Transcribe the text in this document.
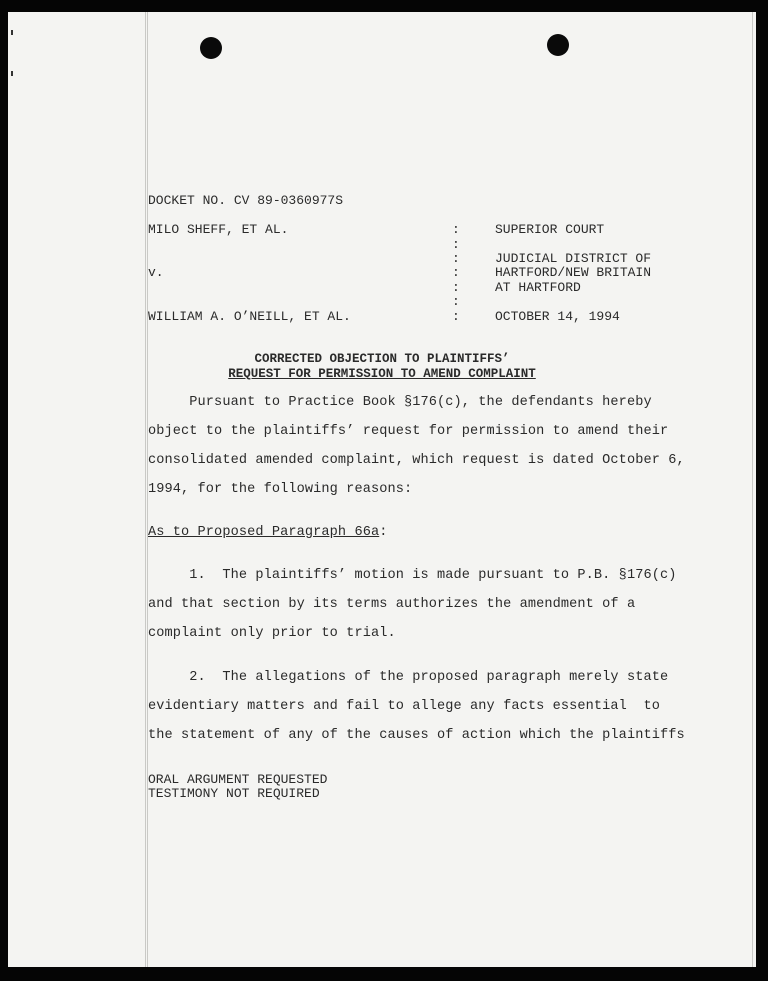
DOCKET NO. CV 89-0360977S
MILO SHEFF, ET AL.
v.
WILLIAM A. O’NEILL, ET AL.
:
:
:
:
:
:
:
SUPERIOR COURT
JUDICIAL DISTRICT OF
HARTFORD/NEW BRITAIN
AT HARTFORD
OCTOBER 14, 1994
CORRECTED OBJECTION TO PLAINTIFFS’
REQUEST FOR PERMISSION TO AMEND COMPLAINT
Pursuant to Practice Book §176(c), the defendants hereby
object to the plaintiffs’ request for permission to amend their
consolidated amended complaint, which request is dated October 6,
1994, for the following reasons:
As to Proposed Paragraph 66a:
1.  The plaintiffs’ motion is made pursuant to P.B. §176(c)
and that section by its terms authorizes the amendment of a
complaint only prior to trial.
2.  The allegations of the proposed paragraph merely state
evidentiary matters and fail to allege any facts essential  to
the statement of any of the causes of action which the plaintiffs
ORAL ARGUMENT REQUESTED
TESTIMONY NOT REQUIRED
